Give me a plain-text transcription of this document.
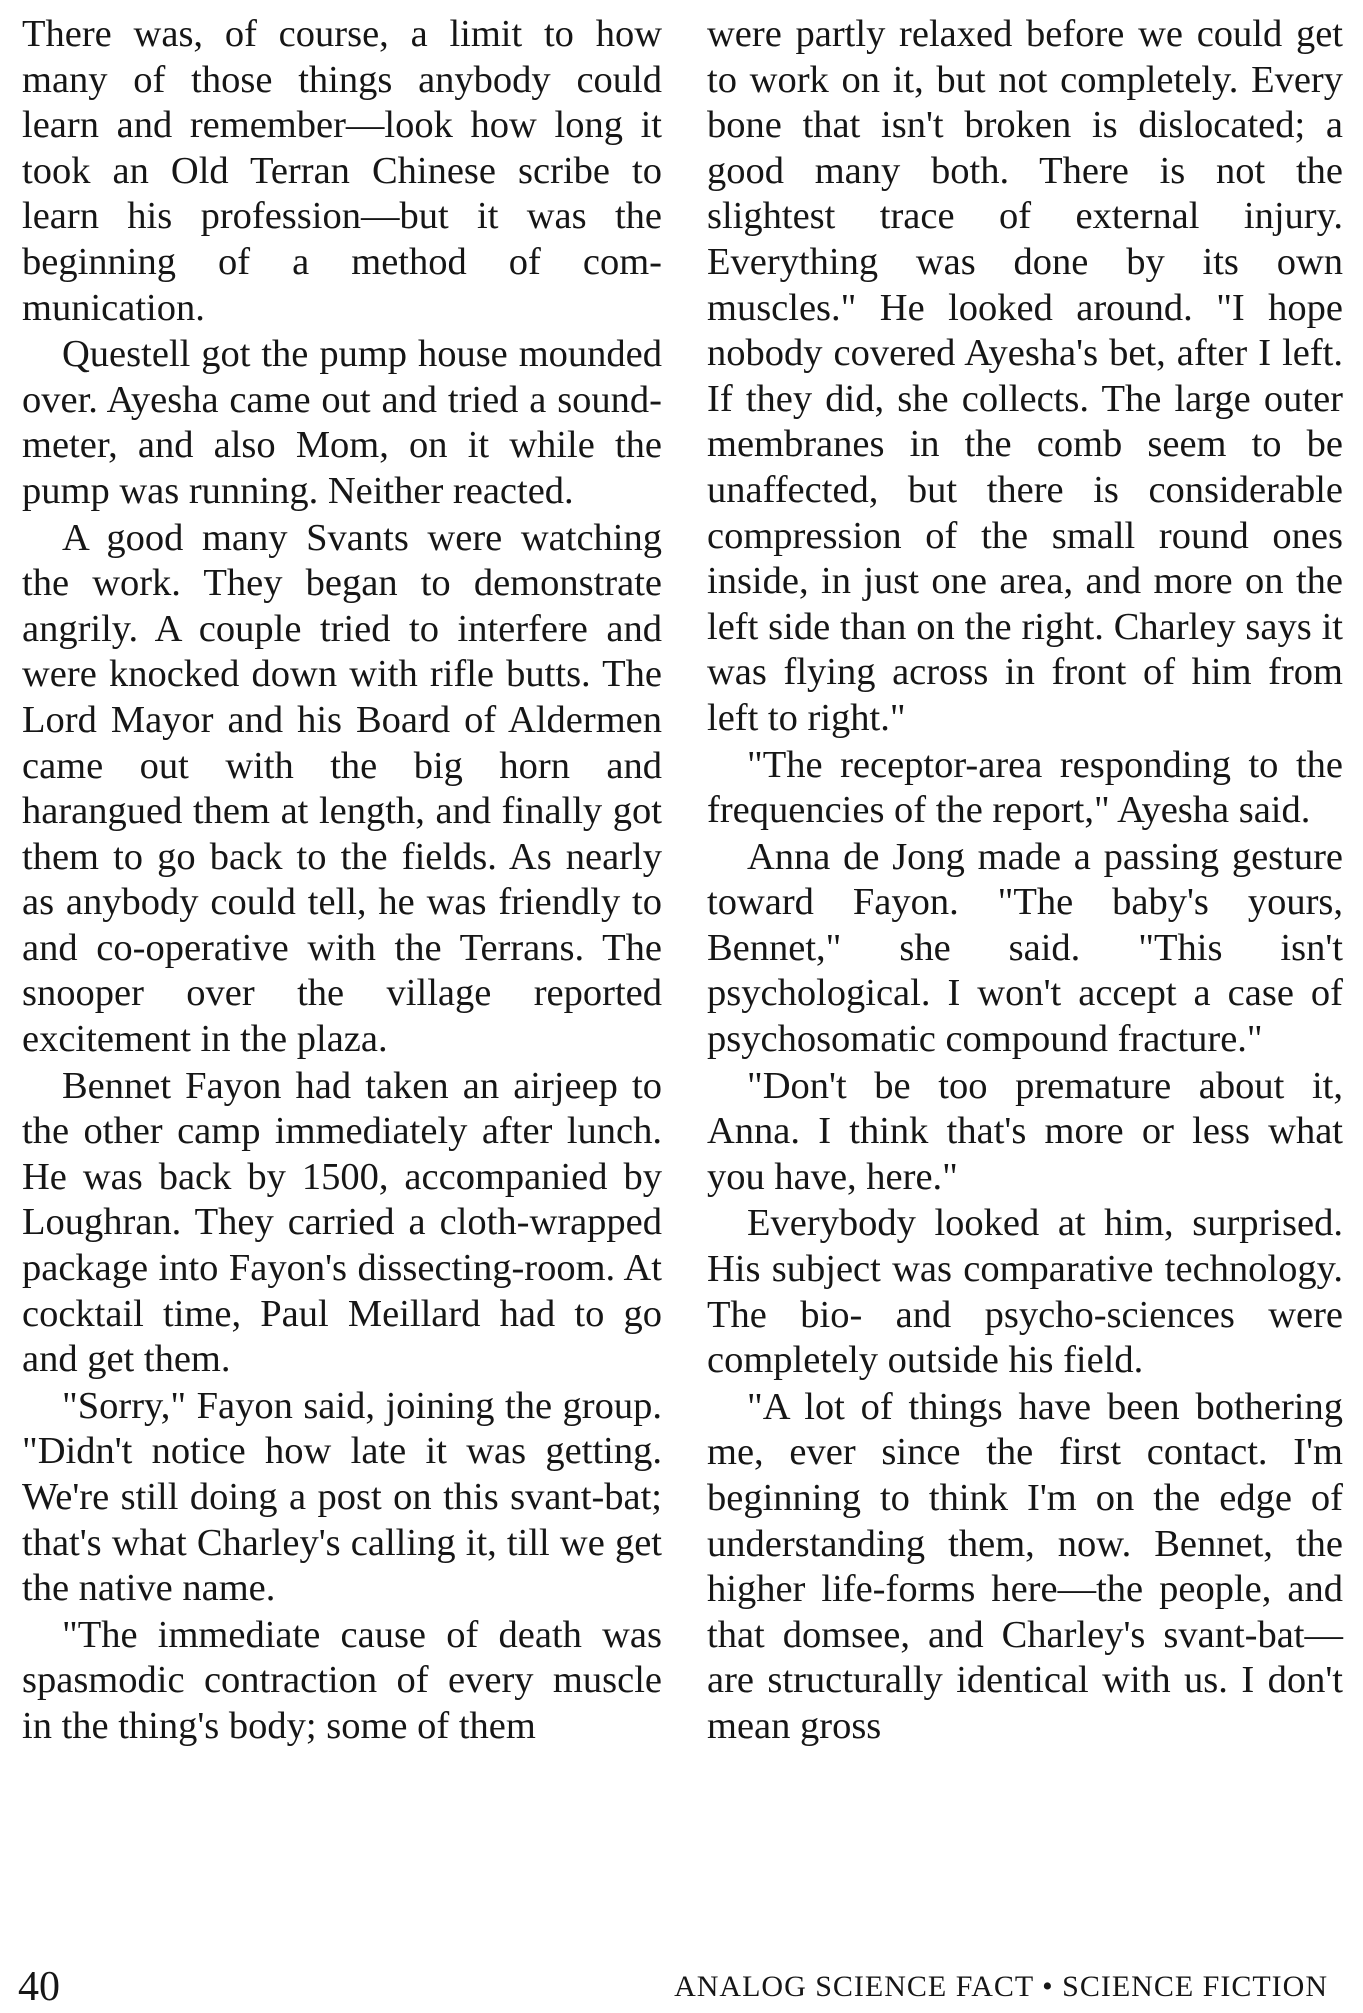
There was, of course, a limit to how many of those things anybody could learn and remember—look how long it took an Old Terran Chinese scribe to learn his profession—but it was the beginning of a method of communication.

Questell got the pump house mounded over. Ayesha came out and tried a sound-meter, and also Mom, on it while the pump was running. Neither reacted.

A good many Svants were watching the work. They began to demonstrate angrily. A couple tried to interfere and were knocked down with rifle butts. The Lord Mayor and his Board of Aldermen came out with the big horn and harangued them at length, and finally got them to go back to the fields. As nearly as anybody could tell, he was friendly to and co-operative with the Terrans. The snooper over the village reported excitement in the plaza.

Bennet Fayon had taken an airjeep to the other camp immediately after lunch. He was back by 1500, accompanied by Loughran. They carried a cloth-wrapped package into Fayon's dissecting-room. At cocktail time, Paul Meillard had to go and get them.

"Sorry," Fayon said, joining the group. "Didn't notice how late it was getting. We're still doing a post on this svant-bat; that's what Charley's calling it, till we get the native name.

"The immediate cause of death was spasmodic contraction of every muscle in the thing's body; some of them

were partly relaxed before we could get to work on it, but not completely. Every bone that isn't broken is dislocated; a good many both. There is not the slightest trace of external injury. Everything was done by its own muscles." He looked around. "I hope nobody covered Ayesha's bet, after I left. If they did, she collects. The large outer membranes in the comb seem to be unaffected, but there is considerable compression of the small round ones inside, in just one area, and more on the left side than on the right. Charley says it was flying across in front of him from left to right."

"The receptor-area responding to the frequencies of the report," Ayesha said.

Anna de Jong made a passing gesture toward Fayon. "The baby's yours, Bennet," she said. "This isn't psychological. I won't accept a case of psychosomatic compound fracture."

"Don't be too premature about it, Anna. I think that's more or less what you have, here."

Everybody looked at him, surprised. His subject was comparative technology. The bio- and psycho-sciences were completely outside his field.

"A lot of things have been bothering me, ever since the first contact. I'm beginning to think I'm on the edge of understanding them, now. Bennet, the higher life-forms here—the people, and that domsee, and Charley's svant-bat—are structurally identical with us. I don't mean gross

40	ANALOG SCIENCE FACT • SCIENCE FICTION
